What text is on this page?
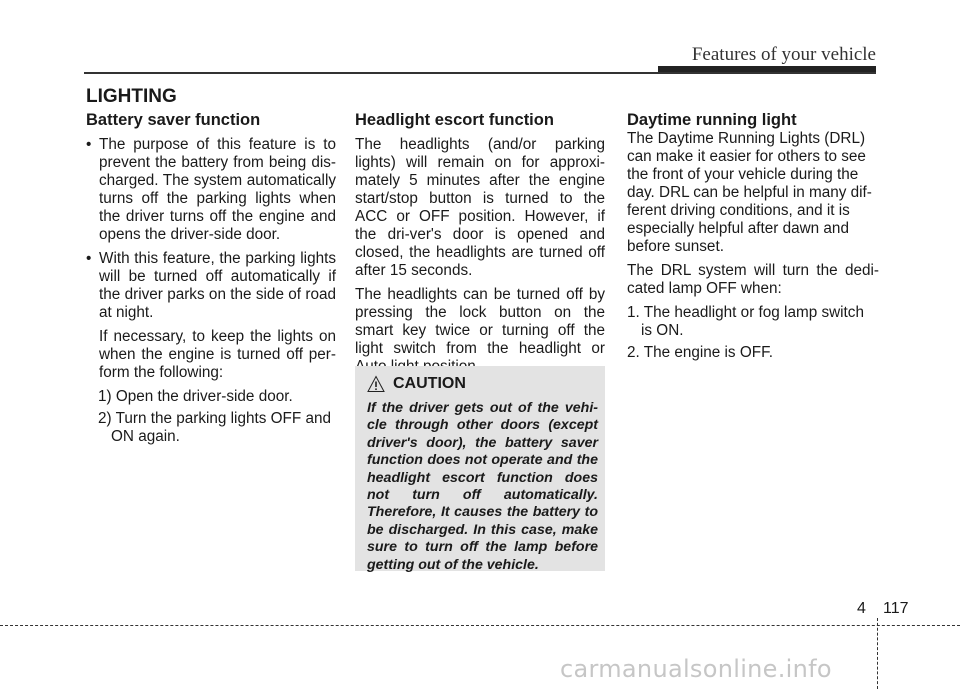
Features of your vehicle
LIGHTING
Battery saver function
• The purpose of this feature is to prevent the battery from being dis-charged. The system automatically turns off the parking lights when the driver turns off the engine and opens the driver-side door.
• With this feature, the parking lights will be turned off automatically if the driver parks on the side of road at night.

If necessary, to keep the lights on when the engine is turned off per-form the following:

1) Open the driver-side door.

2) Turn the parking lights OFF and ON again.

Headlight escort function

The headlights (and/or parking lights) will remain on for approxi-mately 5 minutes after the engine start/stop button is turned to the ACC or OFF position. However, if the dri-ver's door is opened and closed, the headlights are turned off after 15 seconds.

The headlights can be turned off by pressing the lock button on the smart key twice or turning off the light switch from the headlight or

CAUTION

If the driver gets out of the vehi-cle through other doors (except driver's door), the battery saver function does not operate and the headlight escort function does not turn off automatically. Therefore, It causes the battery to be discharged. In this case, make sure to turn off the lamp before getting out of the vehicle.

Daytime running light

The Daytime Running Lights (DRL) can make it easier for others to see the front of your vehicle during the day. DRL can be helpful in many dif-ferent driving conditions, and it is especially helpful after dawn and before sunset.

The DRL system will turn the dedi-cated lamp OFF when:

1. The headlight or fog lamp switch is ON.

2. The engine is OFF.

4 117
carmanualsonline.info
